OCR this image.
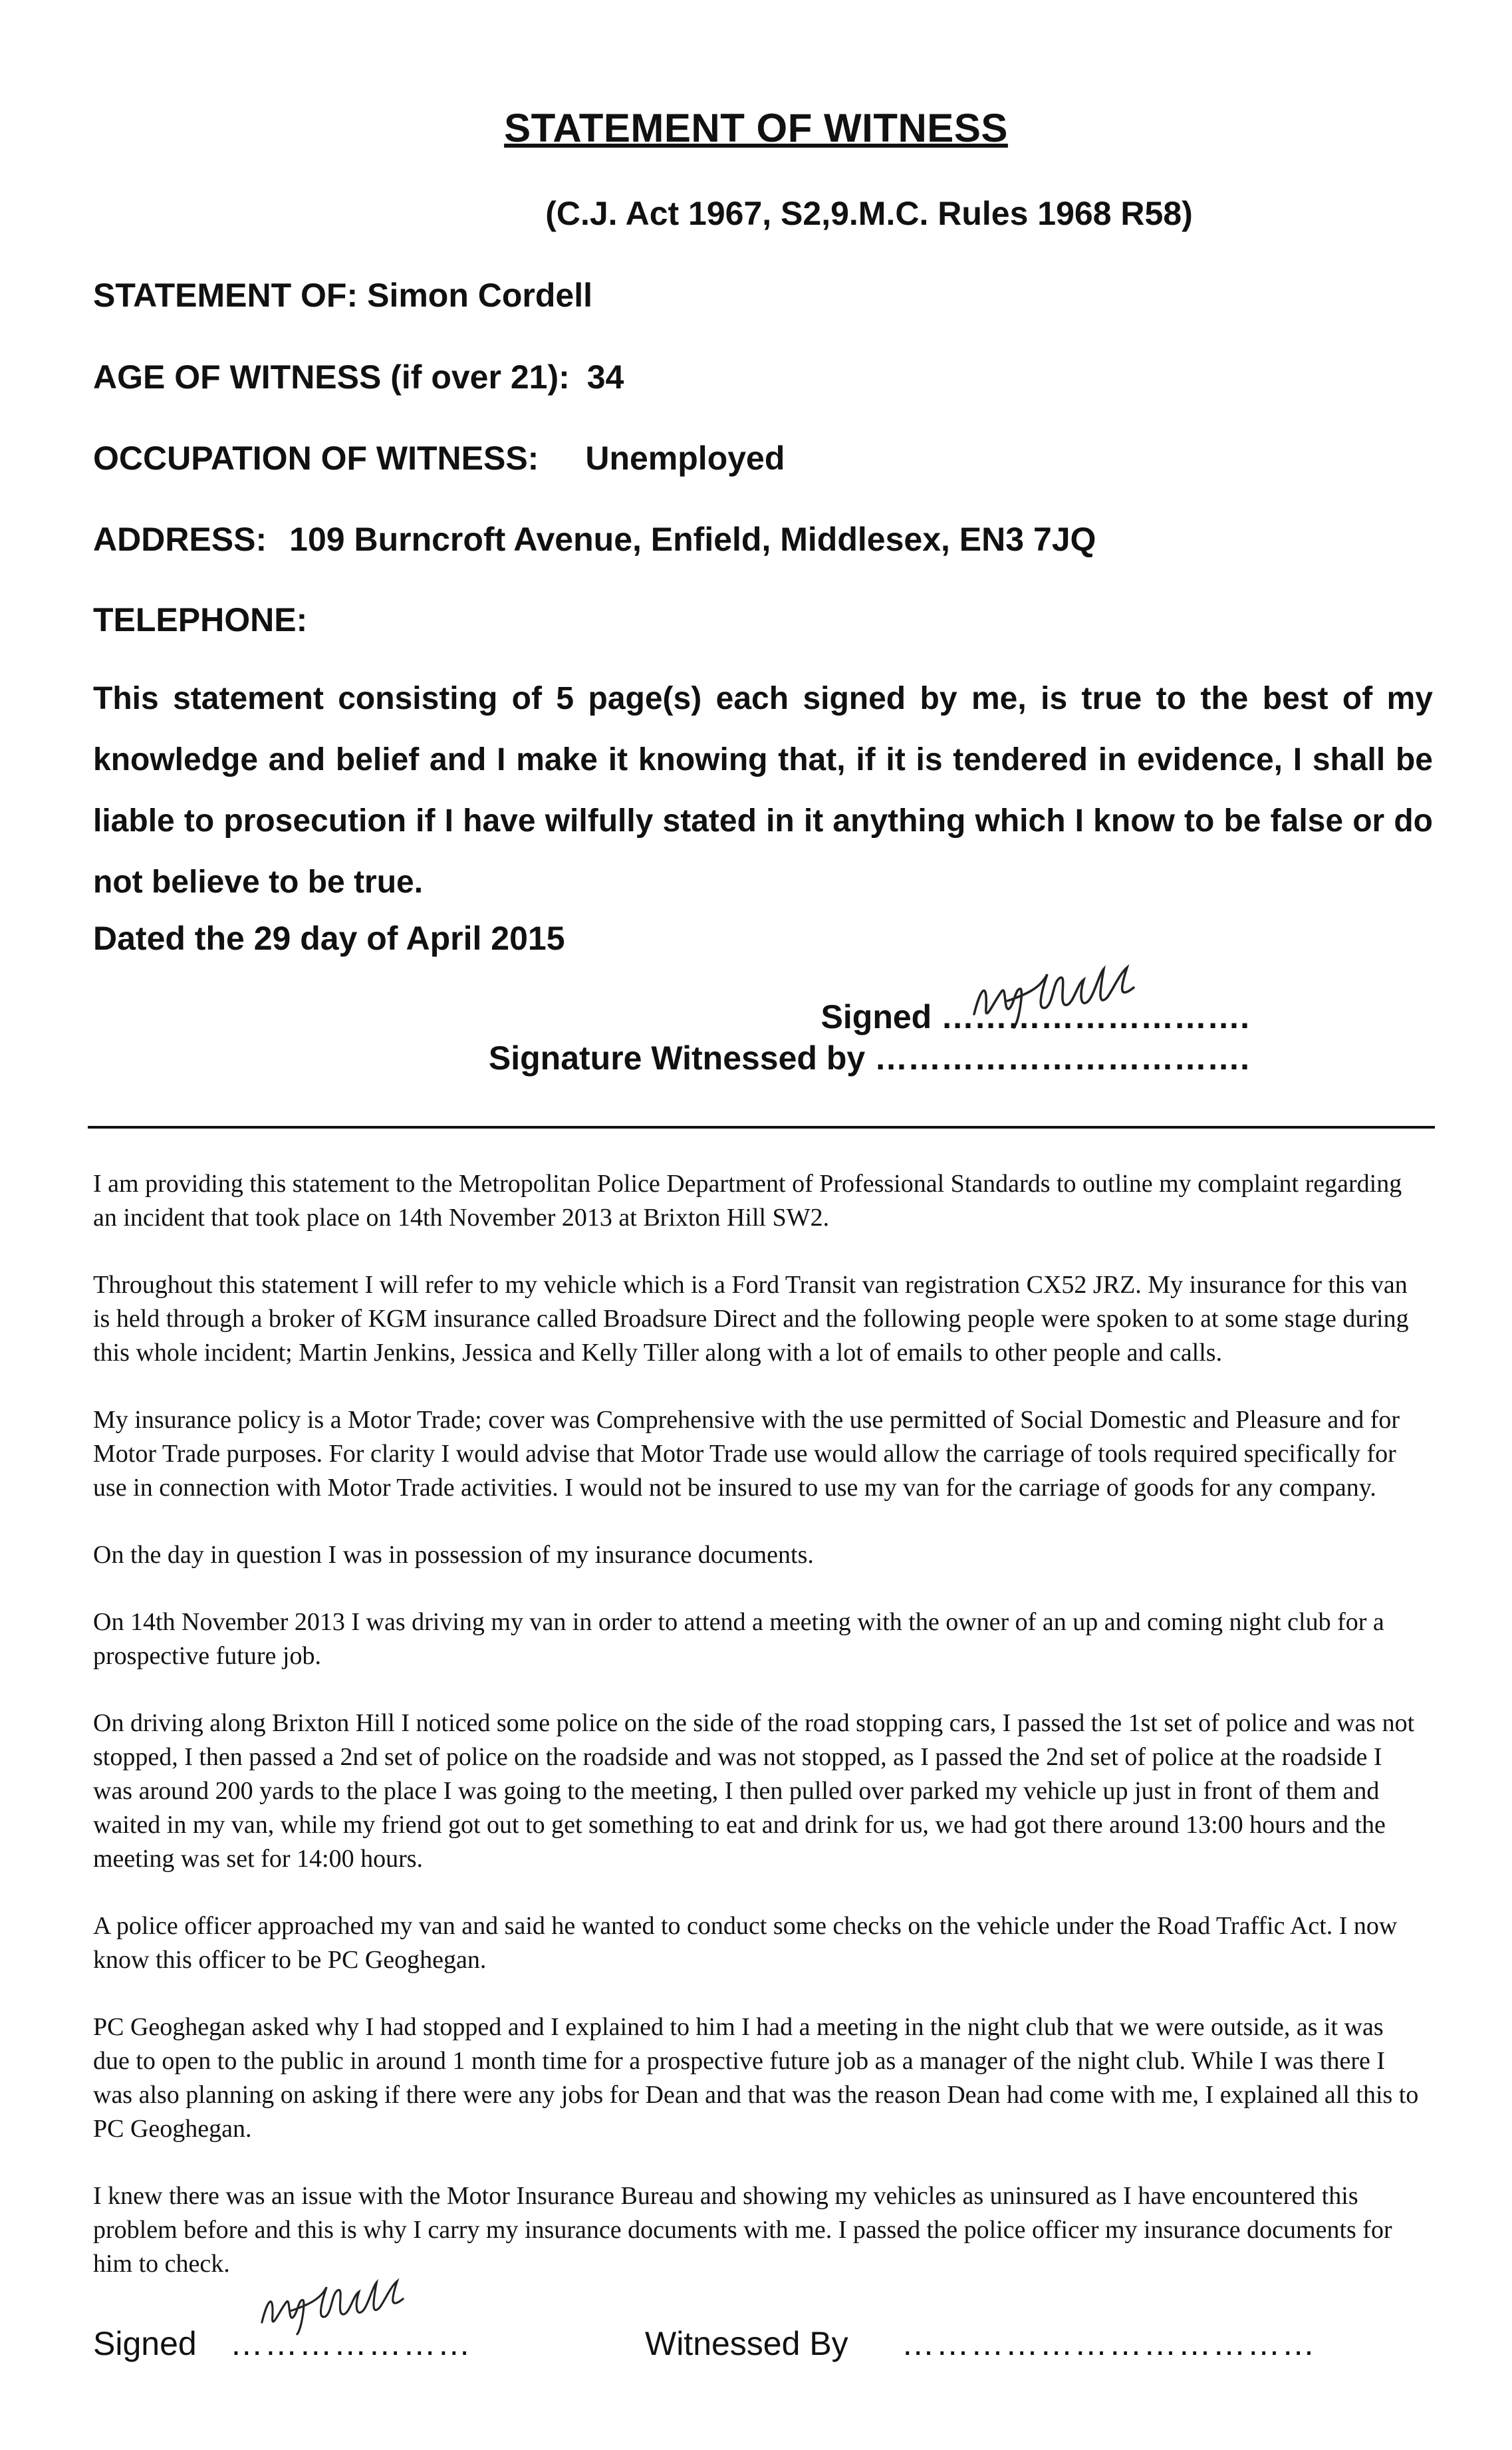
STATEMENT OF WITNESS
(C.J. Act 1967, S2,9.M.C. Rules 1968 R58)
STATEMENT OF: Simon Cordell
AGE OF WITNESS (if over 21): 34
OCCUPATION OF WITNESS: Unemployed
ADDRESS: 109 Burncroft Avenue, Enfield, Middlesex, EN3 7JQ
TELEPHONE:
This statement consisting of 5 page(s) each signed by me, is true to the best of my knowledge and belief and I make it knowing that, if it is tendered in evidence, I shall be liable to prosecution if I have wilfully stated in it anything which I know to be false or do not believe to be true.
Dated the 29 day of April 2015
Signed ……………………….
Signature Witnessed by …………………………….

I am providing this statement to the Metropolitan Police Department of Professional Standards to outline my complaint regarding an incident that took place on 14th November 2013 at Brixton Hill SW2.

Throughout this statement I will refer to my vehicle which is a Ford Transit van registration CX52 JRZ. My insurance for this van is held through a broker of KGM insurance called Broadsure Direct and the following people were spoken to at some stage during this whole incident; Martin Jenkins, Jessica and Kelly Tiller along with a lot of emails to other people and calls.

My insurance policy is a Motor Trade; cover was Comprehensive with the use permitted of Social Domestic and Pleasure and for Motor Trade purposes. For clarity I would advise that Motor Trade use would allow the carriage of tools required specifically for use in connection with Motor Trade activities. I would not be insured to use my van for the carriage of goods for any company.

On the day in question I was in possession of my insurance documents.

On 14th November 2013 I was driving my van in order to attend a meeting with the owner of an up and coming night club for a prospective future job.

On driving along Brixton Hill I noticed some police on the side of the road stopping cars, I passed the 1st set of police and was not stopped, I then passed a 2nd set of police on the roadside and was not stopped, as I passed the 2nd set of police at the roadside I was around 200 yards to the place I was going to the meeting, I then pulled over parked my vehicle up just in front of them and waited in my van, while my friend got out to get something to eat and drink for us, we had got there around 13:00 hours and the meeting was set for 14:00 hours.

A police officer approached my van and said he wanted to conduct some checks on the vehicle under the Road Traffic Act. I now know this officer to be PC Geoghegan.

PC Geoghegan asked why I had stopped and I explained to him I had a meeting in the night club that we were outside, as it was due to open to the public in around 1 month time for a prospective future job as a manager of the night club. While I was there I was also planning on asking if there were any jobs for Dean and that was the reason Dean had come with me, I explained all this to PC Geoghegan.

I knew there was an issue with the Motor Insurance Bureau and showing my vehicles as uninsured as I have encountered this problem before and this is why I carry my insurance documents with me. I passed the police officer my insurance documents for him to check.

Signed …………………	Witnessed By ………………………………
